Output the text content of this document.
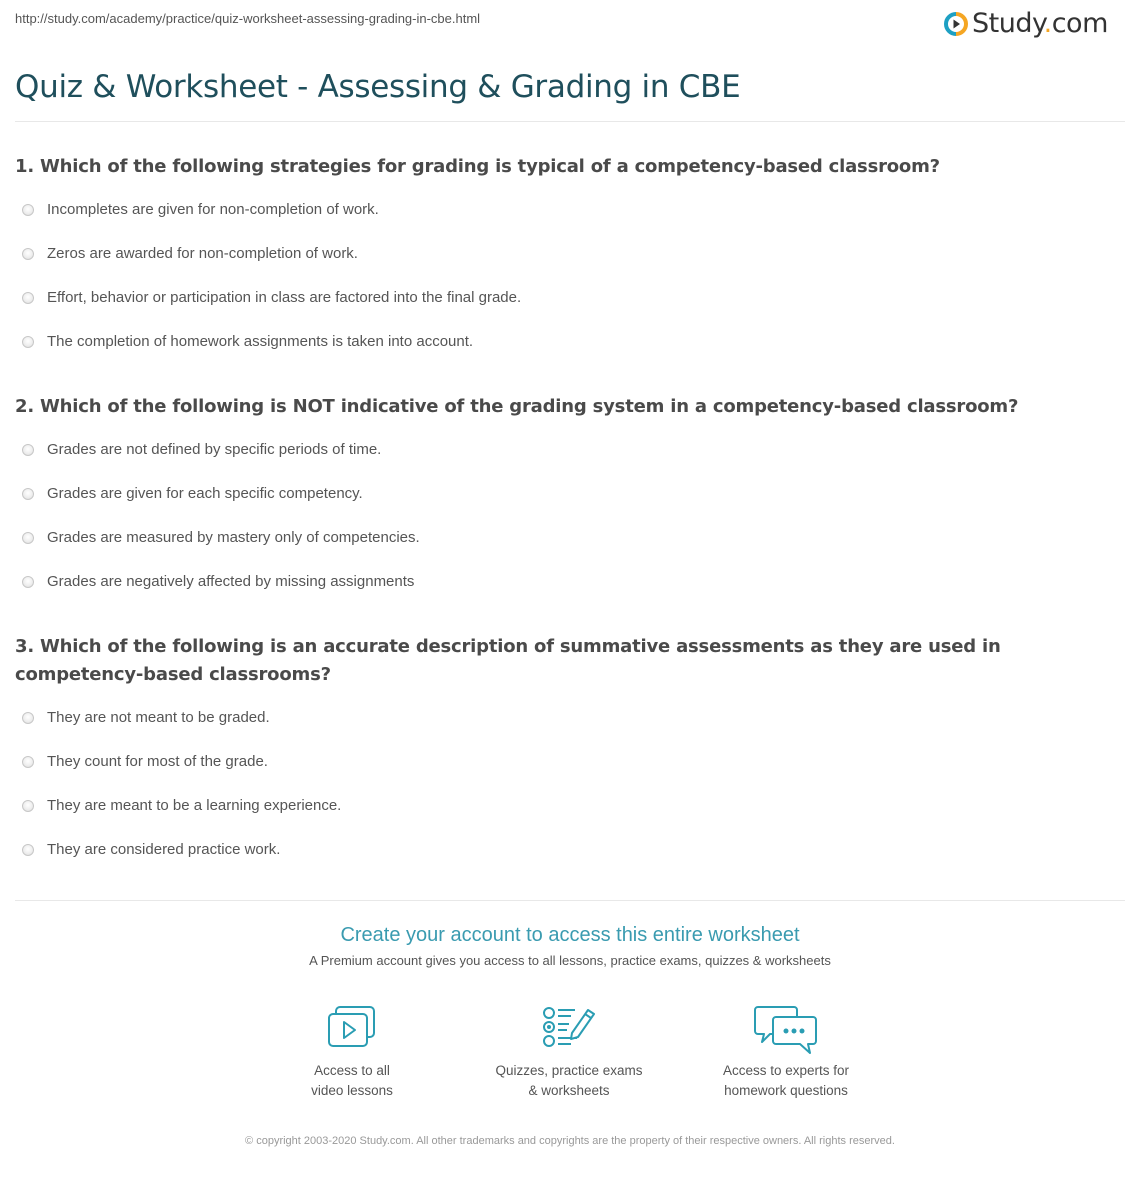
http://study.com/academy/practice/quiz-worksheet-assessing-grading-in-cbe.html	Study.com
Quiz & Worksheet - Assessing & Grading in CBE
1. Which of the following strategies for grading is typical of a competency-based classroom?
Incompletes are given for non-completion of work.
Zeros are awarded for non-completion of work.
Effort, behavior or participation in class are factored into the final grade.
The completion of homework assignments is taken into account.
2. Which of the following is NOT indicative of the grading system in a competency-based classroom?
Grades are not defined by specific periods of time.
Grades are given for each specific competency.
Grades are measured by mastery only of competencies.
Grades are negatively affected by missing assignments
3. Which of the following is an accurate description of summative assessments as they are used in competency-based classrooms?
They are not meant to be graded.
They count for most of the grade.
They are meant to be a learning experience.
They are considered practice work.
Create your account to access this entire worksheet
A Premium account gives you access to all lessons, practice exams, quizzes & worksheets
Access to all
video lessons
Quizzes, practice exams
& worksheets
Access to experts for
homework questions
© copyright 2003-2020 Study.com. All other trademarks and copyrights are the property of their respective owners. All rights reserved.
